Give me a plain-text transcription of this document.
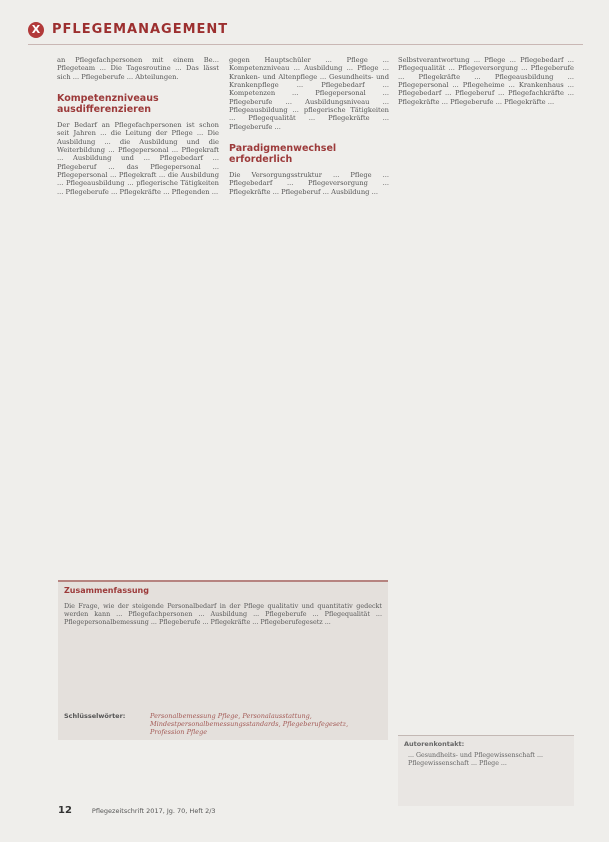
X PFLEGEMANAGEMENT

an Pflegefachpersonen mit einem Be... Pflegeteam ... Die Tagesroutine ... Das lässt sich ... Pflegeberufe ... Abteilungen.

Kompetenzniveaus ausdifferenzieren

Der Bedarf an Pflegefachpersonen ist schon seit Jahren ... die Leitung der Pflege ... Die Ausbildung ... die Ausbildung und die Weiterbildung ... Pflegepersonal ... Pflegekraft ... Ausbildung und ... Pflegebedarf ... Pflegeberuf ... das Pflegepersonal ... Pflegepersonal ... Pflegekraft ... die Ausbildung ... Pflegeausbildung ... pflegerische Tätigkeiten ... Pflegeberufe ... Pflegekräfte ... Pflegenden ...

gegen Hauptschüler ... Pflege ... Kompetenzniveau ... Ausbildung ... Pflege ... Kranken- und Altenpflege ... Gesundheits- und Krankenpflege ... Pflegebedarf ... Kompetenzen ... Pflegepersonal ... Pflegeberufe ... Ausbildungsniveau ... Pflegeausbildung ... pflegerische Tätigkeiten ... Pflegequalität ... Pflegekräfte ... Pflegeberufe ...

Paradigmenwechsel erforderlich

Die Versorgungsstruktur ... Pflege ... Pflegebedarf ... Pflegeversorgung ... Pflegekräfte ... Pflegeberuf ... Ausbildung ...

Selbstverantwortung ... Pflege ... Pflegebedarf ... Pflegequalität ... Pflegeversorgung ... Pflegeberufe ... Pflegekräfte ... Pflegeausbildung ... Pflegepersonal ... Pflegeheime ... Krankenhaus ... Pflegebedarf ... Pflegeberuf ... Pflegefachkräfte ... Pflegekräfte ... Pflegeberufe ... Pflegekräfte ...

Zusammenfassung
Die Frage, wie der steigende Personalbedarf in der Pflege qualitativ und quantitativ gedeckt werden kann ... Pflegefachpersonen ... Ausbildung ... Pflegeberufe ... Pflegequalität ... Pflegepersonalbemessung ... Pflegeberufe ... Pflegekräfte ... Pflegeberufegesetz ...
Schlüsselwörter:	Personalbemessung Pflege, Personalausstattung, Mindestpersonalbemessungsstandards, Pflegeberufegesetz, Profession Pflege
Autorenkontakt:
... Gesundheits- und Pflegewissenschaft ... Pflegewissenschaft ... Pflege ...
12	Pflegezeitschrift 2017, Jg. 70, Heft 2/3
